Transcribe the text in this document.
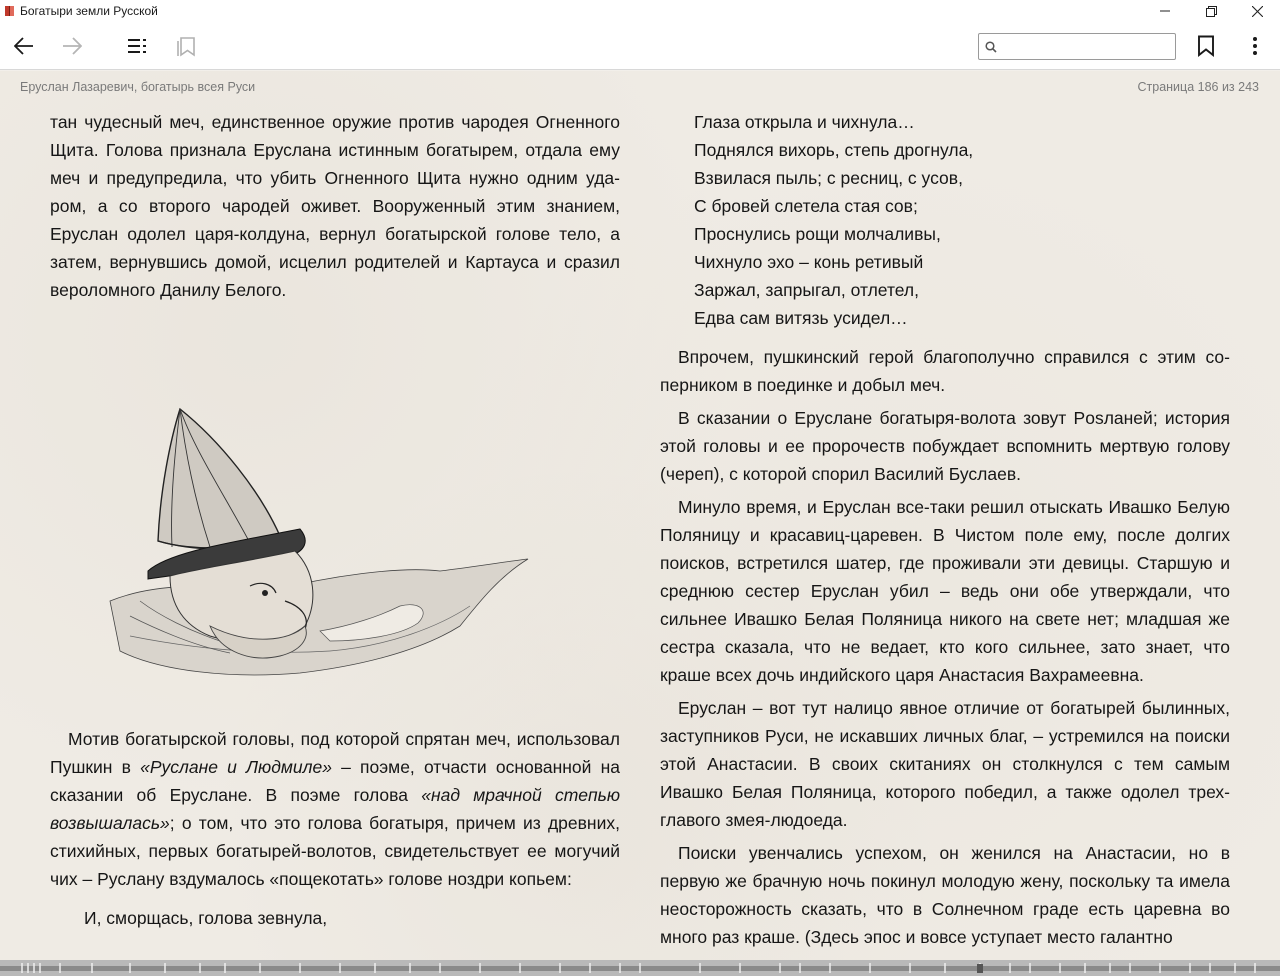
Богатыри земли Русской
Еруслан Лазаревич, богатырь всея Руси	Страница 186 из 243

тан чудесный меч, единственное оружие против чародея Огненного Щита. Голова признала Еруслана истинным богатырем, отдала ему меч и предупредила, что убить Огненного Щита нужно одним ударом, а со второго чародей оживет. Вооруженный этим знанием, Еруслан одолел царя-колдуна, вернул богатырской голове тело, а затем, вернувшись домой, исцелил родителей и Картауса и сразил вероломного Данилу Белого.

Мотив богатырской головы, под которой спрятан меч, использовал Пушкин в «Руслане и Людмиле» – поэме, отчасти основанной на сказании об Еруслане. В поэме голова «над мрачной степью возвышалась»; о том, что это голова богатыря, причем из древних, стихийных, первых богатырей-волотов, свидетельствует ее могучий чих – Руслану вздумалось «пощекотать» голове ноздри копьем:

И, сморщась, голова зевнула,

Глаза открыла и чихнула…

Поднялся вихорь, степь дрогнула,

Взвилася пыль; с ресниц, с усов,

С бровей слетела стая сов;

Проснулись рощи молчаливы,

Чихнуло эхо – конь ретивый

Заржал, запрыгал, отлетел,

Едва сам витязь усидел…

Впрочем, пушкинский герой благополучно справился с этим соперником в поединке и добыл меч.

В сказании о Еруслане богатыря-волота зовут Рosланей; история этой головы и ее пророчеств побуждает вспомнить мертвую голову (череп), с которой спорил Василий Буслаев.

Минуло время, и Еруслан все-таки решил отыскать Ивашко Белую Поляницу и красавиц-царевен. В Чистом поле ему, после долгих поисков, встретился шатер, где проживали эти девицы. Старшую и среднюю сестер Еруслан убил – ведь они обе утверждали, что сильнее Ивашко Белая Поляница никого на свете нет; младшая же сестра сказала, что не ведает, кто кого сильнее, зато знает, что краше всех дочь индийского царя Анастасия Вахрамеевна.

Еруслан – вот тут налицо явное отличие от богатырей былинных, заступников Руси, не искавших личных благ, – устремился на поиски этой Анастасии. В своих скитаниях он столкнулся с тем самым Ивашко Белая Поляница, которого победил, а также одолел трехглавого змея-людоеда.

Поиски увенчались успехом, он женился на Анастасии, но в первую же брачную ночь покинул молодую жену, поскольку та имела неосторожность сказать, что в Солнечном граде есть царевна во много раз краше. (Здесь эпос и вовсе уступает место галантно
